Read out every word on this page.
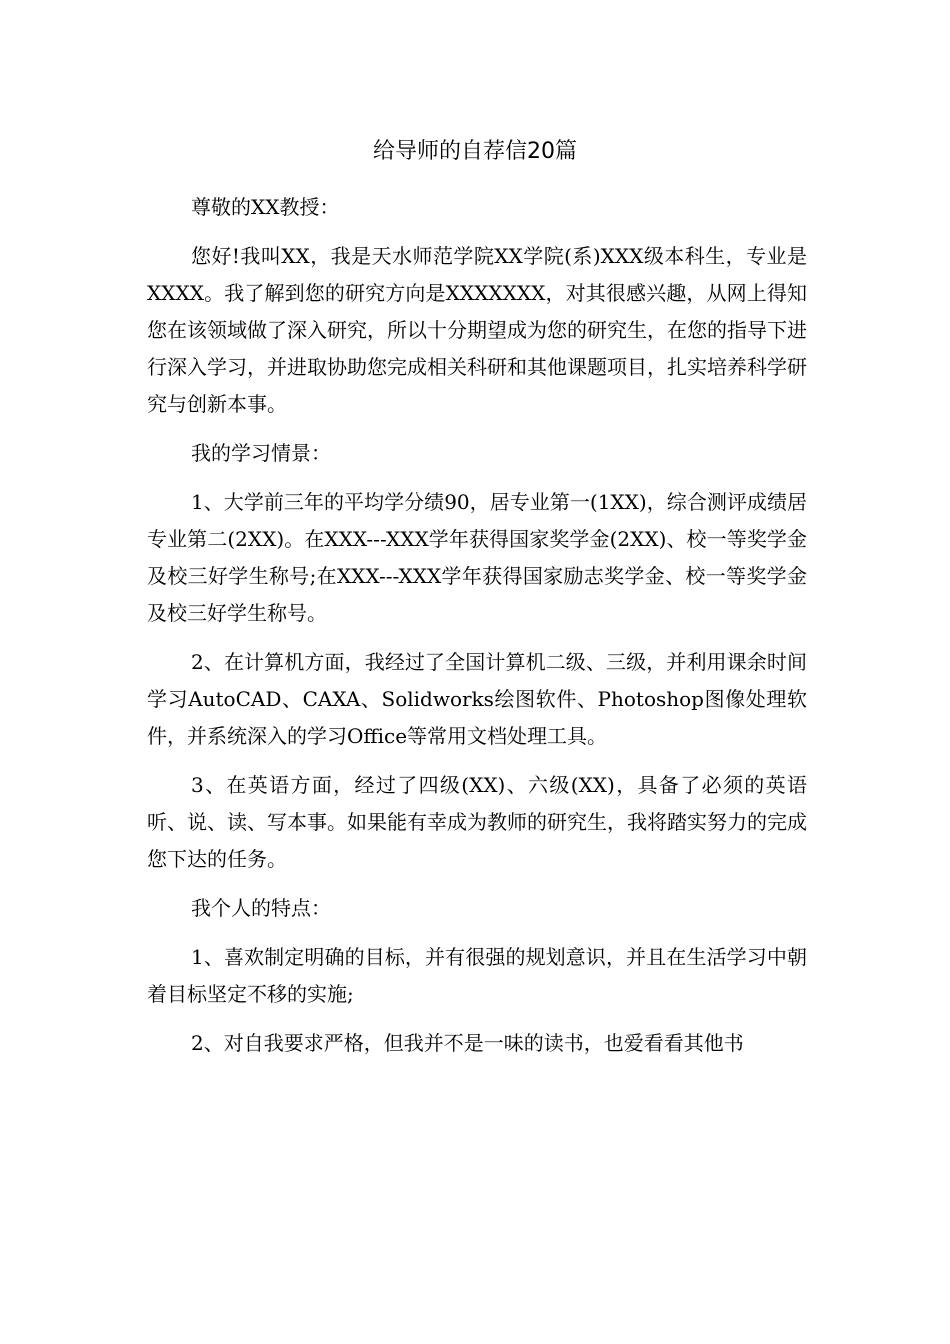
给导师的自荐信20篇

尊敬的XX教授：

您好!我叫XX，我是天水师范学院XX学院(系)XXX级本科生，专业是XXXX。我了解到您的研究方向是XXXXXXX，对其很感兴趣，从网上得知您在该领域做了深入研究，所以十分期望成为您的研究生，在您的指导下进行深入学习，并进取协助您完成相关科研和其他课题项目，扎实培养科学研究与创新本事。

我的学习情景：

1、大学前三年的平均学分绩90，居专业第一(1XX)，综合测评成绩居专业第二(2XX)。在XXX---XXX学年获得国家奖学金(2XX)、校一等奖学金及校三好学生称号;在XXX---XXX学年获得国家励志奖学金、校一等奖学金及校三好学生称号。

2、在计算机方面，我经过了全国计算机二级、三级，并利用课余时间学习AutoCAD、CAXA、Solidworks绘图软件、Photoshop图像处理软件，并系统深入的学习Office等常用文档处理工具。

3、在英语方面，经过了四级(XX)、六级(XX)，具备了必须的英语听、说、读、写本事。如果能有幸成为教师的研究生，我将踏实努力的完成您下达的任务。

我个人的特点：

1、喜欢制定明确的目标，并有很强的规划意识，并且在生活学习中朝着目标坚定不移的实施;

2、对自我要求严格，但我并不是一味的读书，也爱看看其他书
